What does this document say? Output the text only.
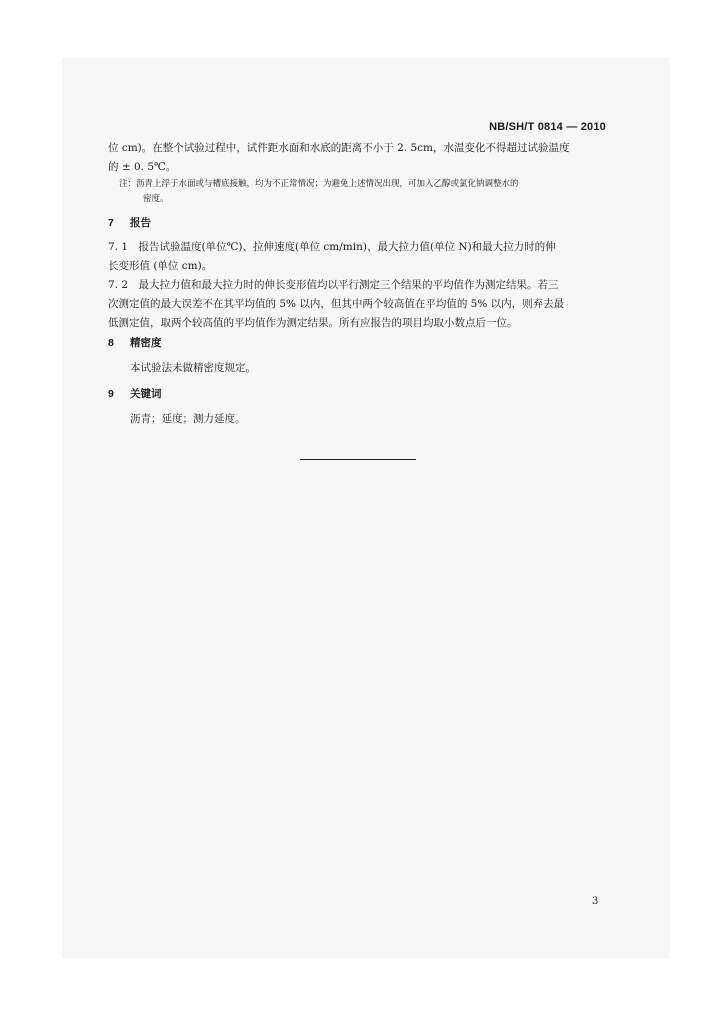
NB/SH/T 0814 — 2010
位 cm)。在整个试验过程中，试件距水面和水底的距离不小于 2. 5cm，水温变化不得超过试验温度
的 ± 0. 5℃。
注：沥青上浮于水面或与槽底接触，均为不正常情况；为避免上述情况出现，可加入乙醇或氯化钠调整水的
密度。
7 报告
7. 1　报告试验温度(单位℃)、拉伸速度(单位 cm/min)、最大拉力值(单位 N)和最大拉力时的伸
长变形值 (单位 cm)。
7. 2　最大拉力值和最大拉力时的伸长变形值均以平行测定三个结果的平均值作为测定结果。若三
次测定值的最大误差不在其平均值的 5% 以内，但其中两个较高值在平均值的 5% 以内，则弃去最
低测定值，取两个较高值的平均值作为测定结果。所有应报告的项目均取小数点后一位。
8 精密度
本试验法未做精密度规定。
9 关键词
沥青；延度；测力延度。
3
